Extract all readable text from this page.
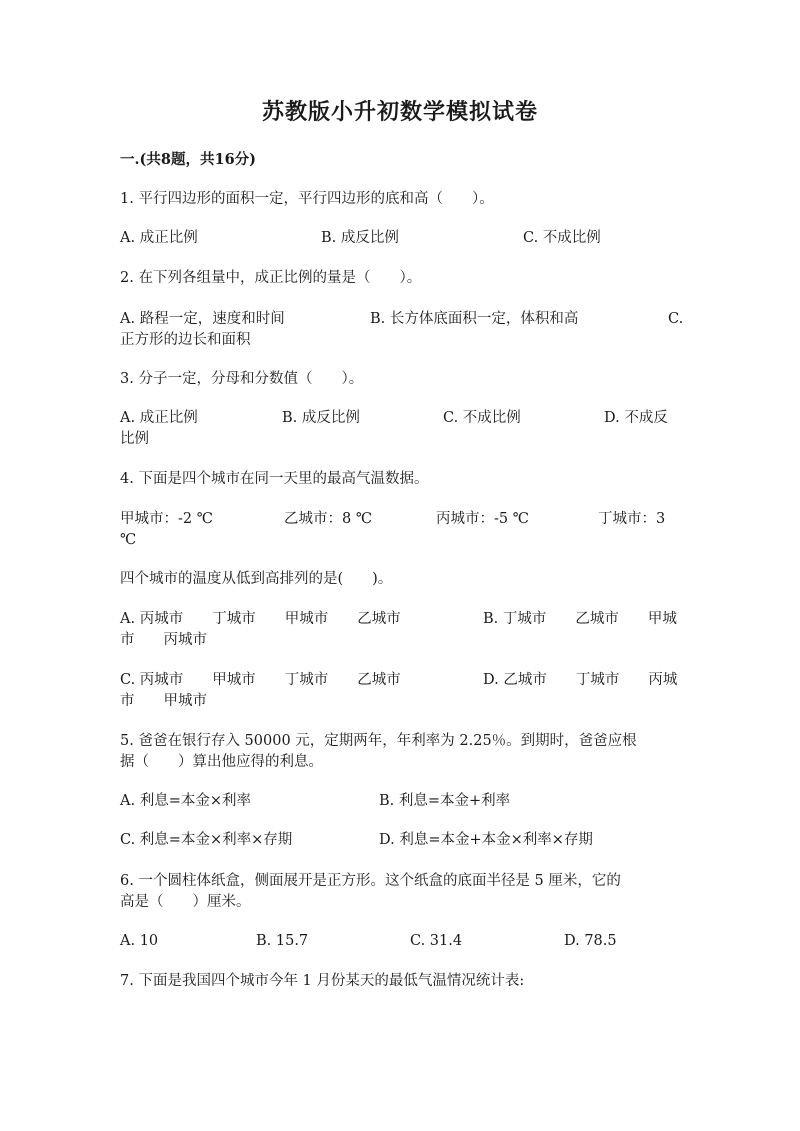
苏教版小升初数学模拟试卷
一.(共8题，共16分)
1. 平行四边形的面积一定，平行四边形的底和高（　　）。
A. 成正比例	B. 成反比例	C. 不成比例
2. 在下列各组量中，成正比例的量是（　　）。
A. 路程一定，速度和时间	B. 长方体底面积一定，体积和高	C.
正方形的边长和面积
3. 分子一定，分母和分数值（　　）。
A. 成正比例	B. 成反比例	C. 不成比例	D. 不成反
比例
4. 下面是四个城市在同一天里的最高气温数据。
甲城市：-2 ℃	乙城市：8 ℃	丙城市：-5 ℃	丁城市：3
℃
四个城市的温度从低到高排列的是(　　)。
A. 丙城市　　丁城市　　甲城市　　乙城市	B. 丁城市　　乙城市　　甲城
市　　丙城市
C. 丙城市　　甲城市　　丁城市　　乙城市	D. 乙城市　　丁城市　　丙城
市　　甲城市
5. 爸爸在银行存入 50000 元，定期两年，年利率为 2.25％。到期时，爸爸应根
据（　　）算出他应得的利息。
A. 利息=本金×利率	B. 利息=本金+利率
C. 利息=本金×利率×存期	D. 利息=本金+本金×利率×存期
6. 一个圆柱体纸盒，侧面展开是正方形。这个纸盒的底面半径是 5 厘米，它的
高是（　　）厘米。
A. 10	B. 15.7	C. 31.4	D. 78.5
7. 下面是我国四个城市今年 1 月份某天的最低气温情况统计表:
